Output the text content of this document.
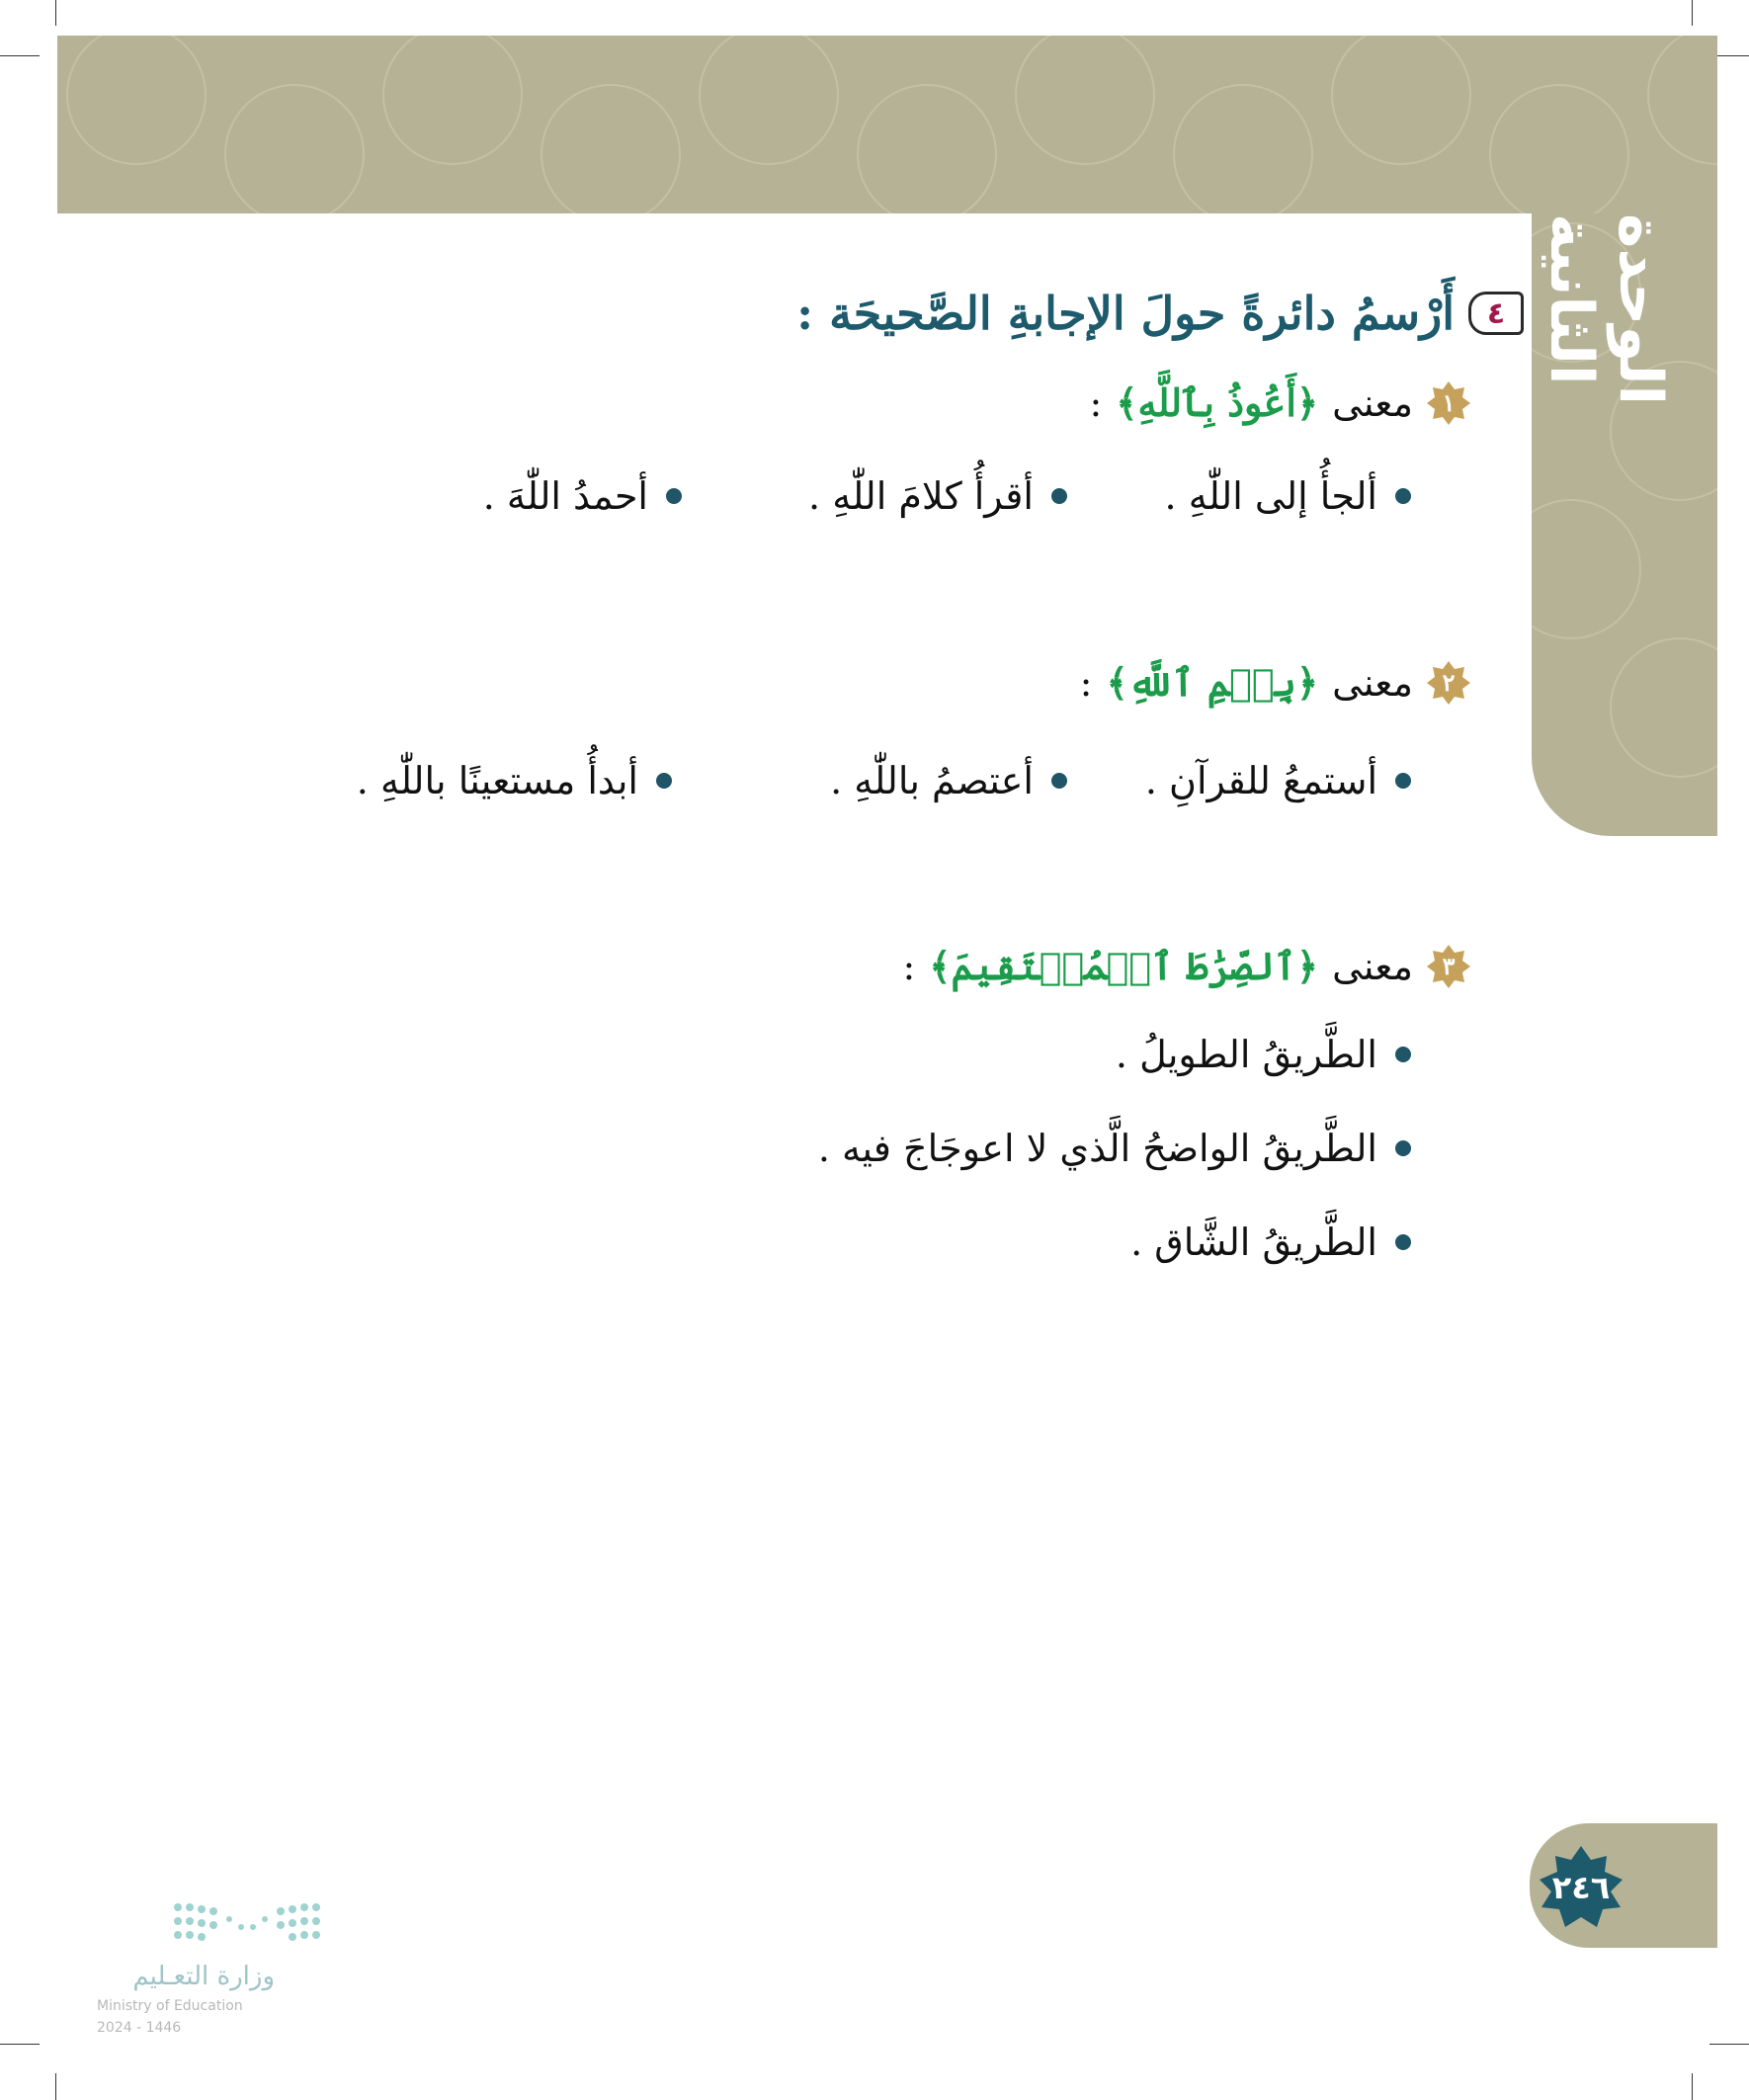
الوحدة الثانية
٤
أَرْسمُ دائرةً حولَ الإجابةِ الصَّحيحَة :
١
معنى
﴿أَعُوذُ بِٱللَّهِ﴾
:
ألجأُ إلى اللّٰهِ .
أقرأُ كلامَ اللّٰهِ .
أحمدُ اللّٰهَ .
٢
معنى
﴿بِسۡمِ ٱللَّهِ﴾
:
أستمعُ للقرآنِ .
أعتصمُ باللّٰهِ .
أبدأُ مستعينًا باللّٰهِ .
٣
معنى
﴿ٱلصِّرَٰطَ ٱلۡمُسۡتَقِيمَ﴾
:
الطَّريقُ الطويلُ .
الطَّريقُ الواضحُ الَّذي لا اعوجَاجَ فيه .
الطَّريقُ الشَّاق .
٢٤٦
وزارة التعـليم
Ministry of Education
2024 - 1446
